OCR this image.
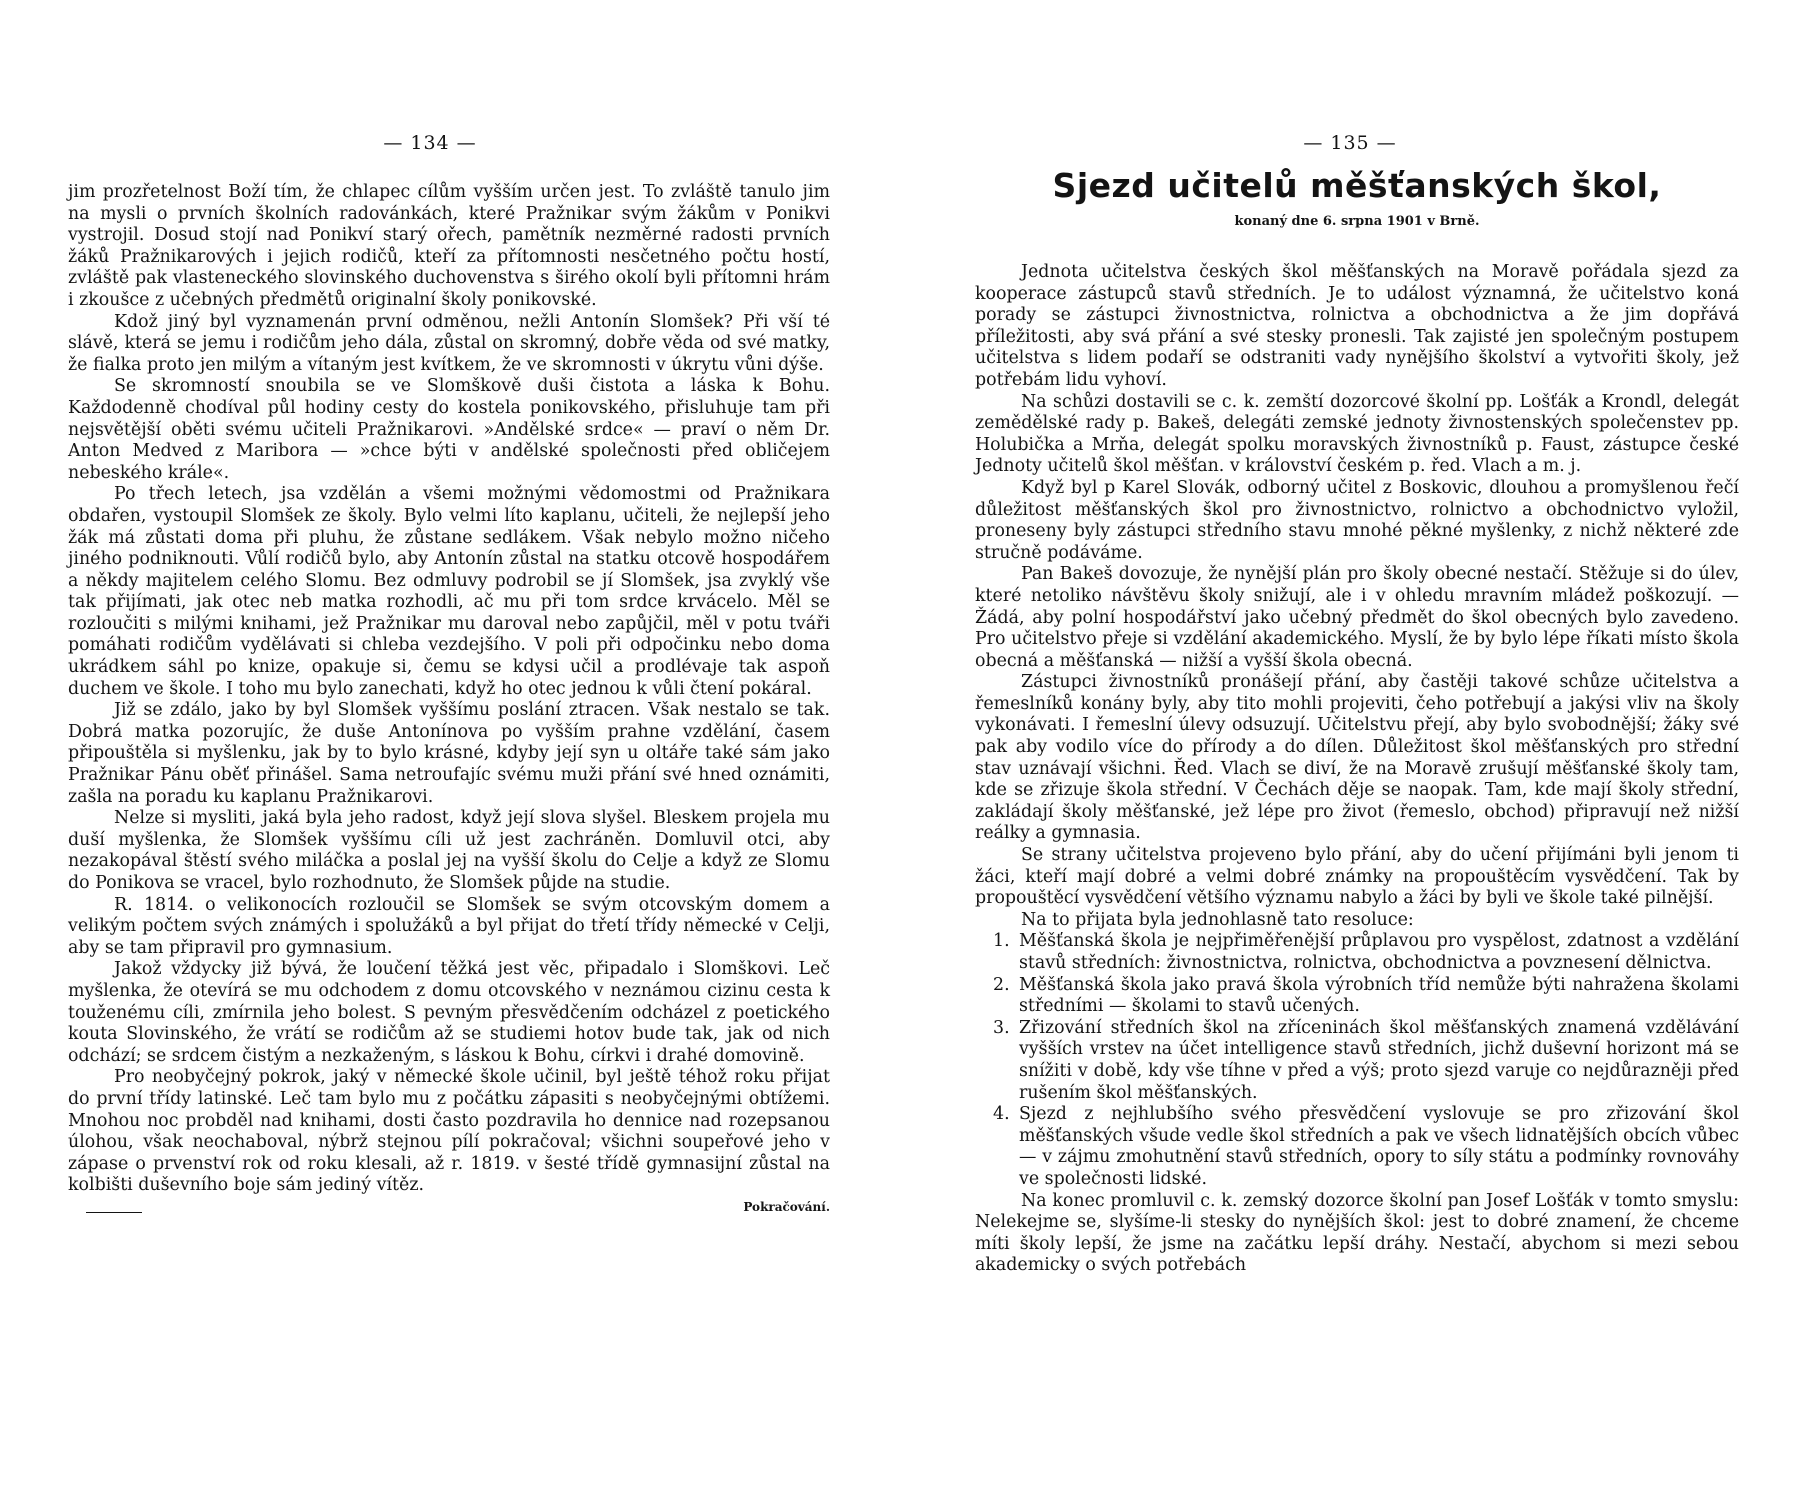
— 134 —

jim prozřetelnost Boží tím, že chlapec cílům vyšším určen jest. To zvláště tanulo jim na mysli o prvních školních radovánkách, které Pražnikar svým žákům v Ponikvi vystrojil. Dosud stojí nad Ponikví starý ořech, pamětník nezměrné radosti prvních žáků Pražnikarových i jejich rodičů, kteří za přítomnosti nesčetného počtu hostí, zvláště pak vlasteneckého slovinského duchovenstva s širého okolí byli přítomni hrám i zkoušce z učebných předmětů originalní školy ponikovské.

Kdož jiný byl vyznamenán první odměnou, nežli Antonín Slomšek? Při vší té slávě, která se jemu i rodičům jeho dála, zůstal on skromný, dobře věda od své matky, že fialka proto jen milým a vítaným jest kvítkem, že ve skromnosti v úkrytu vůni dýše.

Se skromností snoubila se ve Slomškově duši čistota a láska k Bohu. Každodenně chodíval půl hodiny cesty do kostela ponikovského, přisluhuje tam při nejsvětější oběti svému učiteli Pražnikarovi. »Andělské srdce« — praví o něm Dr. Anton Medved z Maribora — »chce býti v andělské společnosti před obličejem nebeského krále«.

Po třech letech, jsa vzdělán a všemi možnými vědomostmi od Pražnikara obdařen, vystoupil Slomšek ze školy. Bylo velmi líto kaplanu, učiteli, že nejlepší jeho žák má zůstati doma při pluhu, že zůstane sedlákem. Však nebylo možno ničeho jiného podniknouti. Vůlí rodičů bylo, aby Antonín zůstal na statku otcově hospodářem a někdy majitelem celého Slomu. Bez odmluvy podrobil se jí Slomšek, jsa zvyklý vše tak přijímati, jak otec neb matka rozhodli, ač mu při tom srdce krvácelo. Měl se rozloučiti s milými knihami, jež Pražnikar mu daroval nebo zapůjčil, měl v potu tváři pomáhati rodičům vydělávati si chleba vezdejšího. V poli při odpočinku nebo doma ukrádkem sáhl po knize, opakuje si, čemu se kdysi učil a prodlévaje tak aspoň duchem ve škole. I toho mu bylo zanechati, když ho otec jednou k vůli čtení pokáral.

Již se zdálo, jako by byl Slomšek vyššímu poslání ztracen. Však nestalo se tak. Dobrá matka pozorujíc, že duše Antonínova po vyšším prahne vzdělání, časem připouštěla si myšlenku, jak by to bylo krásné, kdyby její syn u oltáře také sám jako Pražnikar Pánu oběť přinášel. Sama netroufajíc svému muži přání své hned oznámiti, zašla na poradu ku kaplanu Pražnikarovi.

Nelze si mysliti, jaká byla jeho radost, když její slova slyšel. Bleskem projela mu duší myšlenka, že Slomšek vyššímu cíli už jest zachráněn. Domluvil otci, aby nezakopával štěstí svého miláčka a poslal jej na vyšší školu do Celje a když ze Slomu do Ponikova se vracel, bylo rozhodnuto, že Slomšek půjde na studie.

R. 1814. o velikonocích rozloučil se Slomšek se svým otcovským domem a velikým počtem svých známých i spolužáků a byl přijat do třetí třídy německé v Celji, aby se tam připravil pro gymnasium.

Jakož vždycky již bývá, že loučení těžká jest věc, připadalo i Slomškovi. Leč myšlenka, že otevírá se mu odchodem z domu otcovského v neznámou cizinu cesta k touženému cíli, zmírnila jeho bolest. S pevným přesvědčením odcházel z poetického kouta Slovinského, že vrátí se rodičům až se studiemi hotov bude tak, jak od nich odchází; se srdcem čistým a nezkaženým, s láskou k Bohu, církvi i drahé domovině.

Pro neobyčejný pokrok, jaký v německé škole učinil, byl ještě téhož roku přijat do první třídy latinské. Leč tam bylo mu z počátku zápasiti s neobyčejnými obtížemi. Mnohou noc probděl nad knihami, dosti často pozdravila ho dennice nad rozepsanou úlohou, však neochaboval, nýbrž stejnou pílí pokračoval; všichni soupeřové jeho v zápase o prvenství rok od roku klesali, až r. 1819. v šesté třídě gymnasijní zůstal na kolbišti duševního boje sám jediný vítěz.

Pokračování.
— 135 —
Sjezd učitelů měšťanských škol,

konaný dne 6. srpna 1901 v Brně.

Jednota učitelstva českých škol měšťanských na Moravě pořádala sjezd za kooperace zástupců stavů středních. Je to událost významná, že učitelstvo koná porady se zástupci živnostnictva, rolnictva a obchodnictva a že jim dopřává příležitosti, aby svá přání a své stesky pronesli. Tak zajisté jen společným postupem učitelstva s lidem podaří se odstraniti vady nynějšího školství a vytvořiti školy, jež potřebám lidu vyhoví.

Na schůzi dostavili se c. k. zemští dozorcové školní pp. Lošťák a Krondl, delegát zemědělské rady p. Bakeš, delegáti zemské jednoty živnostenských společenstev pp. Holubička a Mrňa, delegát spolku moravských živnostníků p. Faust, zástupce české Jednoty učitelů škol měšťan. v království českém p. řed. Vlach a m. j.

Když byl p Karel Slovák, odborný učitel z Boskovic, dlouhou a promyšlenou řečí důležitost měšťanských škol pro živnostnictvo, rolnictvo a obchodnictvo vyložil, proneseny byly zástupci středního stavu mnohé pěkné myšlenky, z nichž některé zde stručně podáváme.

Pan Bakeš dovozuje, že nynější plán pro školy obecné nestačí. Stěžuje si do úlev, které netoliko návštěvu školy snižují, ale i v ohledu mravním mládež poškozují. — Žádá, aby polní hospodářství jako učebný předmět do škol obecných bylo zavedeno. Pro učitelstvo přeje si vzdělání akademického. Myslí, že by bylo lépe říkati místo škola obecná a měšťanská — nižší a vyšší škola obecná.

Zástupci živnostníků pronášejí přání, aby častěji takové schůze učitelstva a řemeslníků konány byly, aby tito mohli projeviti, čeho potřebují a jakýsi vliv na školy vykonávati. I řemeslní úlevy odsuzují. Učitelstvu přejí, aby bylo svobodnější; žáky své pak aby vodilo více do přírody a do dílen. Důležitost škol měšťanských pro střední stav uznávají všichni. Řed. Vlach se diví, že na Moravě zrušují měšťanské školy tam, kde se zřizuje škola střední. V Čechách děje se naopak. Tam, kde mají školy střední, zakládají školy měšťanské, jež lépe pro život (řemeslo, obchod) připravují než nižší reálky a gymnasia.

Se strany učitelstva projeveno bylo přání, aby do učení přijímáni byli jenom ti žáci, kteří mají dobré a velmi dobré známky na propouštěcím vysvědčení. Tak by propouštěcí vysvědčení většího významu nabylo a žáci by byli ve škole také pilnější.

Na to přijata byla jednohlasně tato resoluce:

1. Měšťanská škola je nejpřiměřenější průplavou pro vyspělost, zdatnost a vzdělání stavů středních: živnostnictva, rolnictva, obchodnictva a povznesení dělnictva.
2. Měšťanská škola jako pravá škola výrobních tříd nemůže býti nahražena školami středními — školami to stavů učených.
3. Zřizování středních škol na zříceninách škol měšťanských znamená vzdělávání vyšších vrstev na účet intelligence stavů středních, jichž duševní horizont má se snížiti v době, kdy vše tíhne v před a výš; proto sjezd varuje co nejdůrazněji před rušením škol měšťanských.
4. Sjezd z nejhlubšího svého přesvědčení vyslovuje se pro zřizování škol měšťanských všude vedle škol středních a pak ve všech lidnatějších obcích vůbec — v zájmu zmohutnění stavů středních, opory to síly státu a podmínky rovnováhy ve společnosti lidské.

Na konec promluvil c. k. zemský dozorce školní pan Josef Lošťák v tomto smyslu: Nelekejme se, slyšíme-li stesky do nynějších škol: jest to dobré znamení, že chceme míti školy lepší, že jsme na začátku lepší dráhy. Nestačí, abychom si mezi sebou akademicky o svých potřebách
